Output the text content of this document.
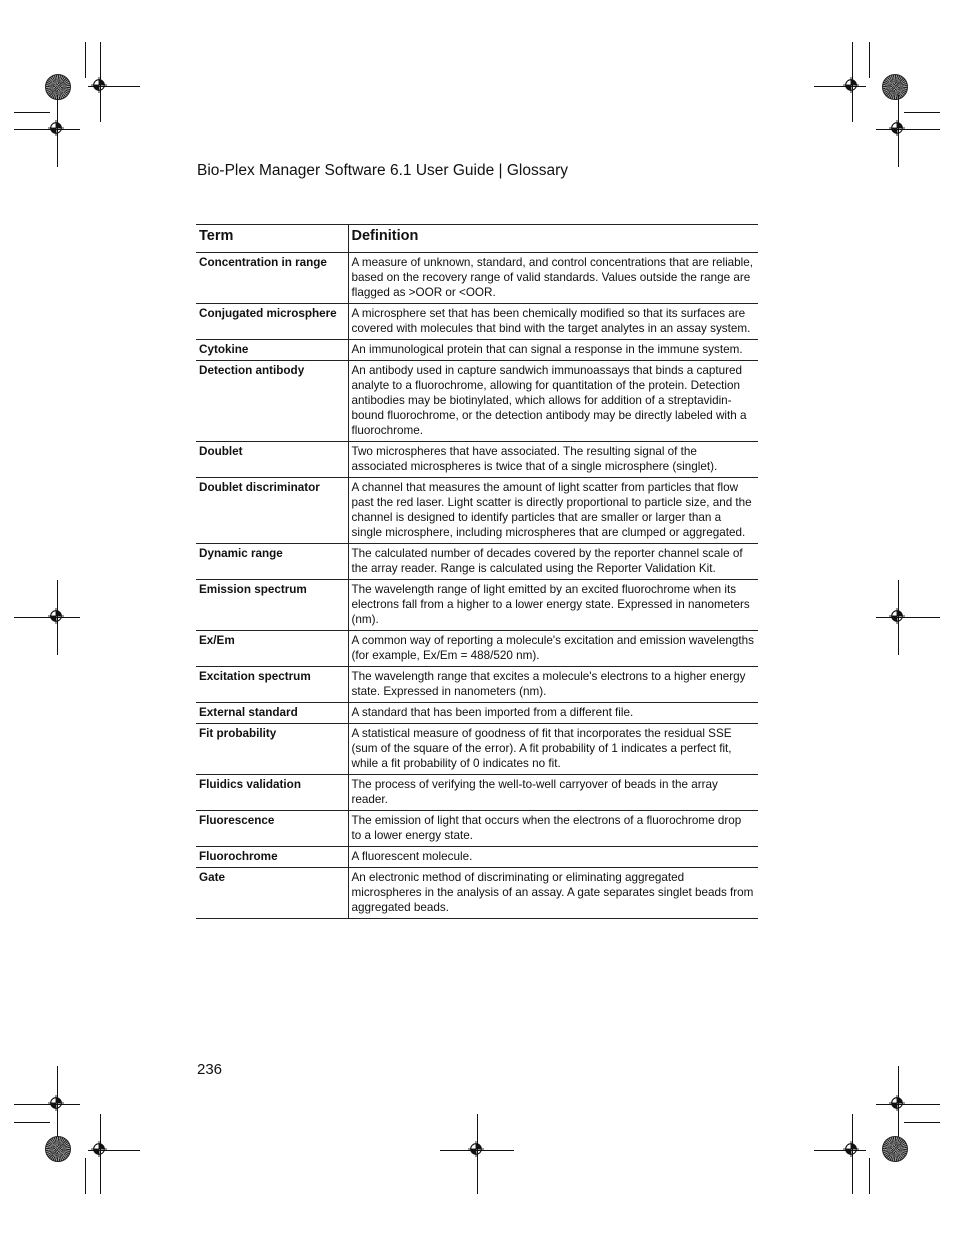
Bio-Plex Manager Software 6.1 User Guide | Glossary
Term	Definition
Concentration in range	A measure of unknown, standard, and control concentrations that are reliable, based on the recovery range of valid standards. Values outside the range are flagged as >OOR or <OOR.
Conjugated microsphere	A microsphere set that has been chemically modified so that its surfaces are covered with molecules that bind with the target analytes in an assay system.
Cytokine	An immunological protein that can signal a response in the immune system.
Detection antibody	An antibody used in capture sandwich immunoassays that binds a captured analyte to a fluorochrome, allowing for quantitation of the protein. Detection antibodies may be biotinylated, which allows for addition of a streptavidin-bound fluorochrome, or the detection antibody may be directly labeled with a fluorochrome.
Doublet	Two microspheres that have associated. The resulting signal of the associated microspheres is twice that of a single microsphere (singlet).
Doublet discriminator	A channel that measures the amount of light scatter from particles that flow past the red laser. Light scatter is directly proportional to particle size, and the channel is designed to identify particles that are smaller or larger than a single microsphere, including microspheres that are clumped or aggregated.
Dynamic range	The calculated number of decades covered by the reporter channel scale of the array reader. Range is calculated using the Reporter Validation Kit.
Emission spectrum	The wavelength range of light emitted by an excited fluorochrome when its electrons fall from a higher to a lower energy state. Expressed in nanometers (nm).
Ex/Em	A common way of reporting a molecule's excitation and emission wavelengths (for example, Ex/Em = 488/520 nm).
Excitation spectrum	The wavelength range that excites a molecule's electrons to a higher energy state. Expressed in nanometers (nm).
External standard	A standard that has been imported from a different file.
Fit probability	A statistical measure of goodness of fit that incorporates the residual SSE (sum of the square of the error). A fit probability of 1 indicates a perfect fit, while a fit probability of 0 indicates no fit.
Fluidics validation	The process of verifying the well-to-well carryover of beads in the array reader.
Fluorescence	The emission of light that occurs when the electrons of a fluorochrome drop to a lower energy state.
Fluorochrome	A fluorescent molecule.
Gate	An electronic method of discriminating or eliminating aggregated microspheres in the analysis of an assay. A gate separates singlet beads from aggregated beads.
236
